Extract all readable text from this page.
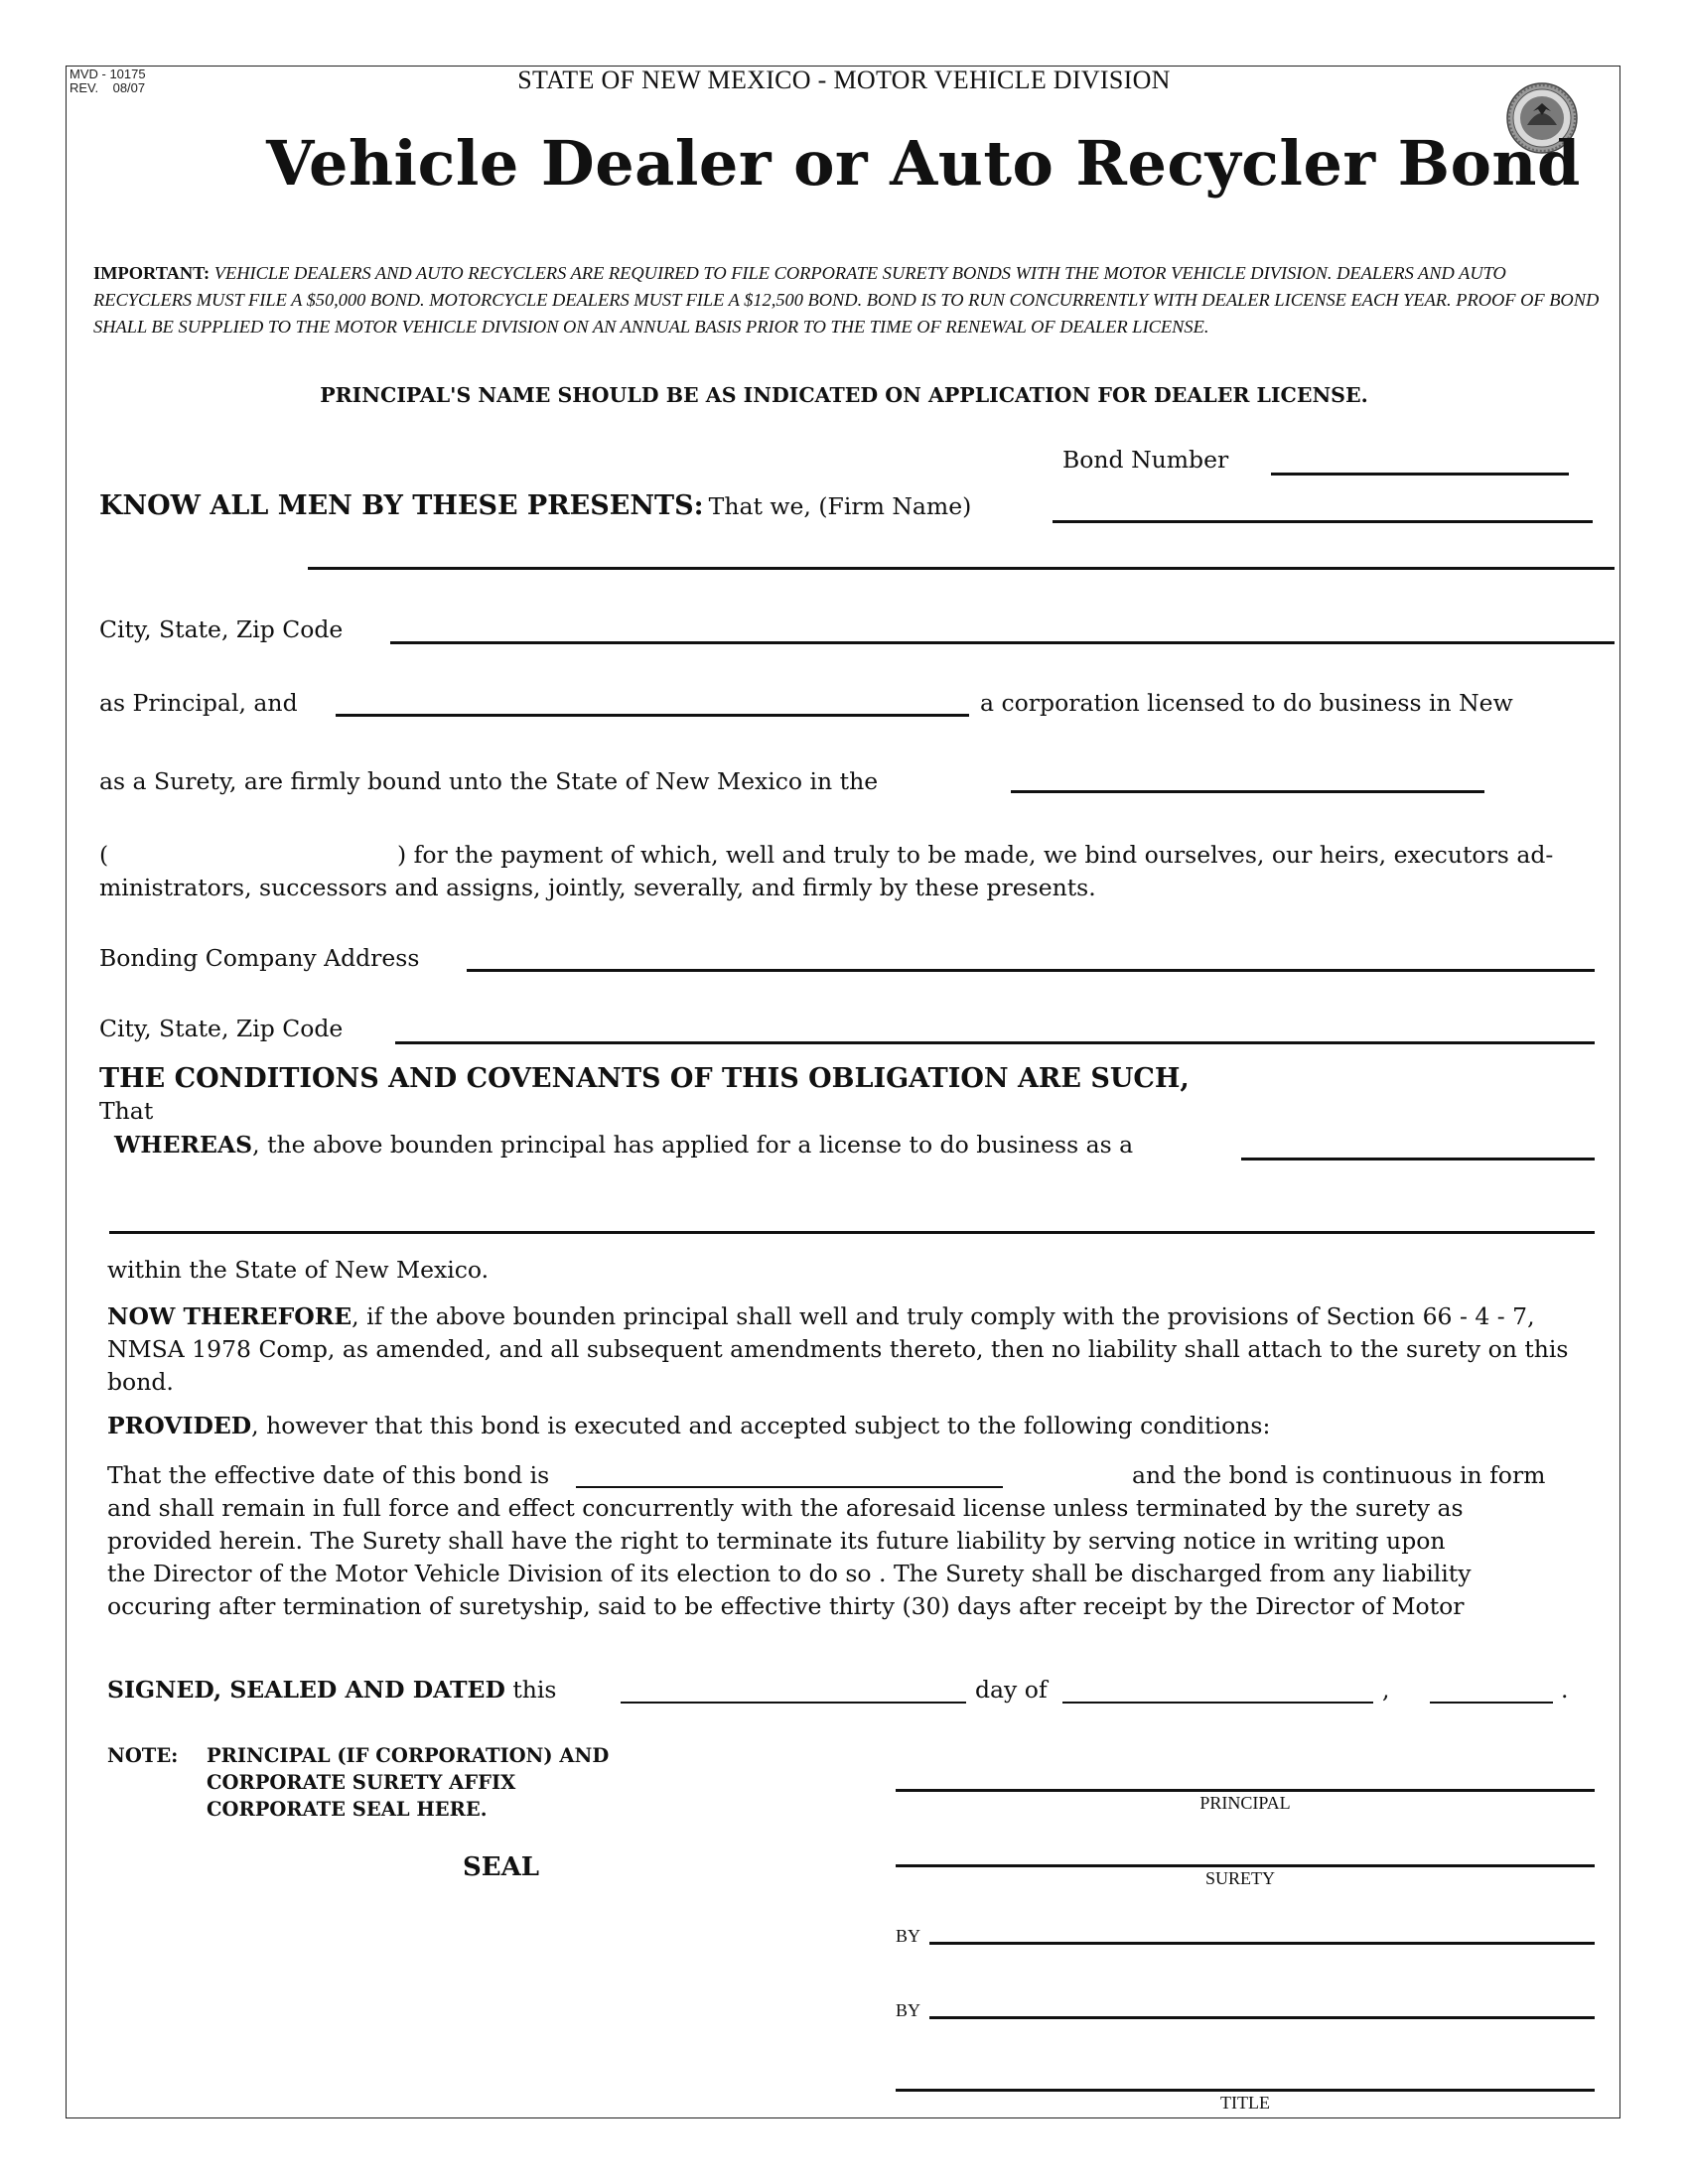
MVD - 10175
REV.    08/07	STATE OF NEW MEXICO - MOTOR VEHICLE DIVISION
Vehicle Dealer or Auto Recycler Bond
IMPORTANT: VEHICLE DEALERS AND AUTO RECYCLERS ARE REQUIRED TO FILE CORPORATE SURETY BONDS WITH THE MOTOR VEHICLE DIVISION. DEALERS AND AUTO RECYCLERS MUST FILE A $50,000 BOND. MOTORCYCLE DEALERS MUST FILE A $12,500 BOND. BOND IS TO RUN CONCURRENTLY WITH DEALER LICENSE EACH YEAR. PROOF OF BOND SHALL BE SUPPLIED TO THE MOTOR VEHICLE DIVISION ON AN ANNUAL BASIS PRIOR TO THE TIME OF RENEWAL OF DEALER LICENSE.
PRINCIPAL'S NAME SHOULD BE AS INDICATED ON APPLICATION FOR DEALER LICENSE.
Bond Number
KNOW ALL MEN BY THESE PRESENTS: That we, (Firm Name)
City, State, Zip Code
as Principal, and	a corporation licensed to do business in New
as a Surety, are firmly bound unto the State of New Mexico in the
(	) for the payment of which, well and truly to be made, we bind ourselves, our heirs, executors ad-
ministrators, successors and assigns, jointly, severally, and firmly by these presents.
Bonding Company Address
City, State, Zip Code
THE CONDITIONS AND COVENANTS OF THIS OBLIGATION ARE SUCH,
That
WHEREAS, the above bounden principal has applied for a license to do business as a
within the State of New Mexico.
NOW THEREFORE, if the above bounden principal shall well and truly comply with the provisions of Section 66 - 4 - 7, NMSA 1978 Comp, as amended, and all subsequent amendments thereto, then no liability shall attach to the surety on this bond.
PROVIDED, however that this bond is executed and accepted subject to the following conditions:
That the effective date of this bond is	and the bond is continuous in form
and shall remain in full force and effect concurrently with the aforesaid license unless terminated by the surety as
provided herein. The Surety shall have the right to terminate its future liability by serving notice in writing upon
the Director of the Motor Vehicle Division of its election to do so . The Surety shall be discharged from any liability
occuring after termination of suretyship, said to be effective thirty (30) days after receipt by the Director of Motor
SIGNED, SEALED AND DATED this	day of	,	.
NOTE: PRINCIPAL (IF CORPORATION) AND
CORPORATE SURETY AFFIX
CORPORATE SEAL HERE.
SEAL
PRINCIPAL
SURETY
BY
BY
TITLE
